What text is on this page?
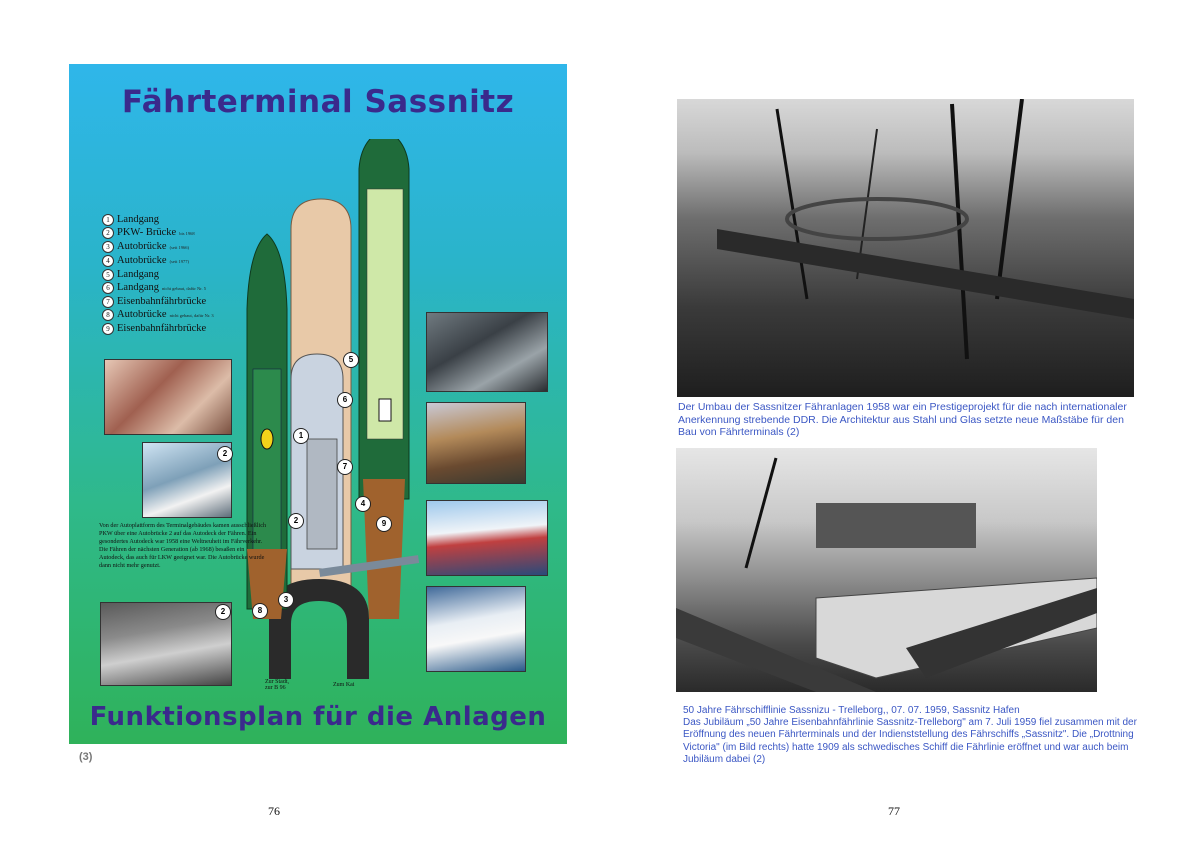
Fährterminal Sassnitz
1 Landgang
2 PKW- Brücke bis 1968
3 Autobrücke (seit 1966)
4 Autobrücke (seit 1977)
5 Landgang
6 Landgang nicht gebaut, dafür Nr. 5
7 Eisenbahnfährbrücke
8 Autobrücke nicht gebaut, dafür Nr. 3
9 Eisenbahnfährbrücke
1
2
3
4
5
6
7
8
9
Zur Stadt, zur B 96	Zum Kai
2
2
Von der Autoplattform des Terminalgebäudes kamen ausschließlich PKW über eine Autobrücke 2 auf das Autodeck der Fähren. Ein gesondertes Autodeck war 1958 eine Weltneuheit im Fährverkehr. Die Fähren der nächsten Generation (ab 1968) besaßen ein Autodeck, das auch für LKW geeignet war. Die Autobrücke wurde dann nicht mehr genutzt.
Funktionsplan für die Anlagen
(3)
76
Der Umbau der Sassnitzer Fähranlagen 1958 war ein Prestigeprojekt für die nach internationaler Anerkennung strebende DDR. Die Architektur aus Stahl und Glas setzte neue Maßstäbe für den Bau von Fährterminals (2)
50 Jahre Fährschifflinie Sassnizu - Trelleborg,, 07. 07. 1959, Sassnitz Hafen
Das Jubiläum „50 Jahre Eisenbahnfährlinie Sassnitz-Trelleborg" am 7. Juli 1959 fiel zusammen mit der Eröffnung des neuen Fährterminals und der Indienststellung des Fährschiffs „Sassnitz". Die „Drottning Victoria" (im Bild rechts) hatte 1909 als schwedisches Schiff die Fährlinie eröffnet und war auch beim Jubiläum dabei (2)
77
